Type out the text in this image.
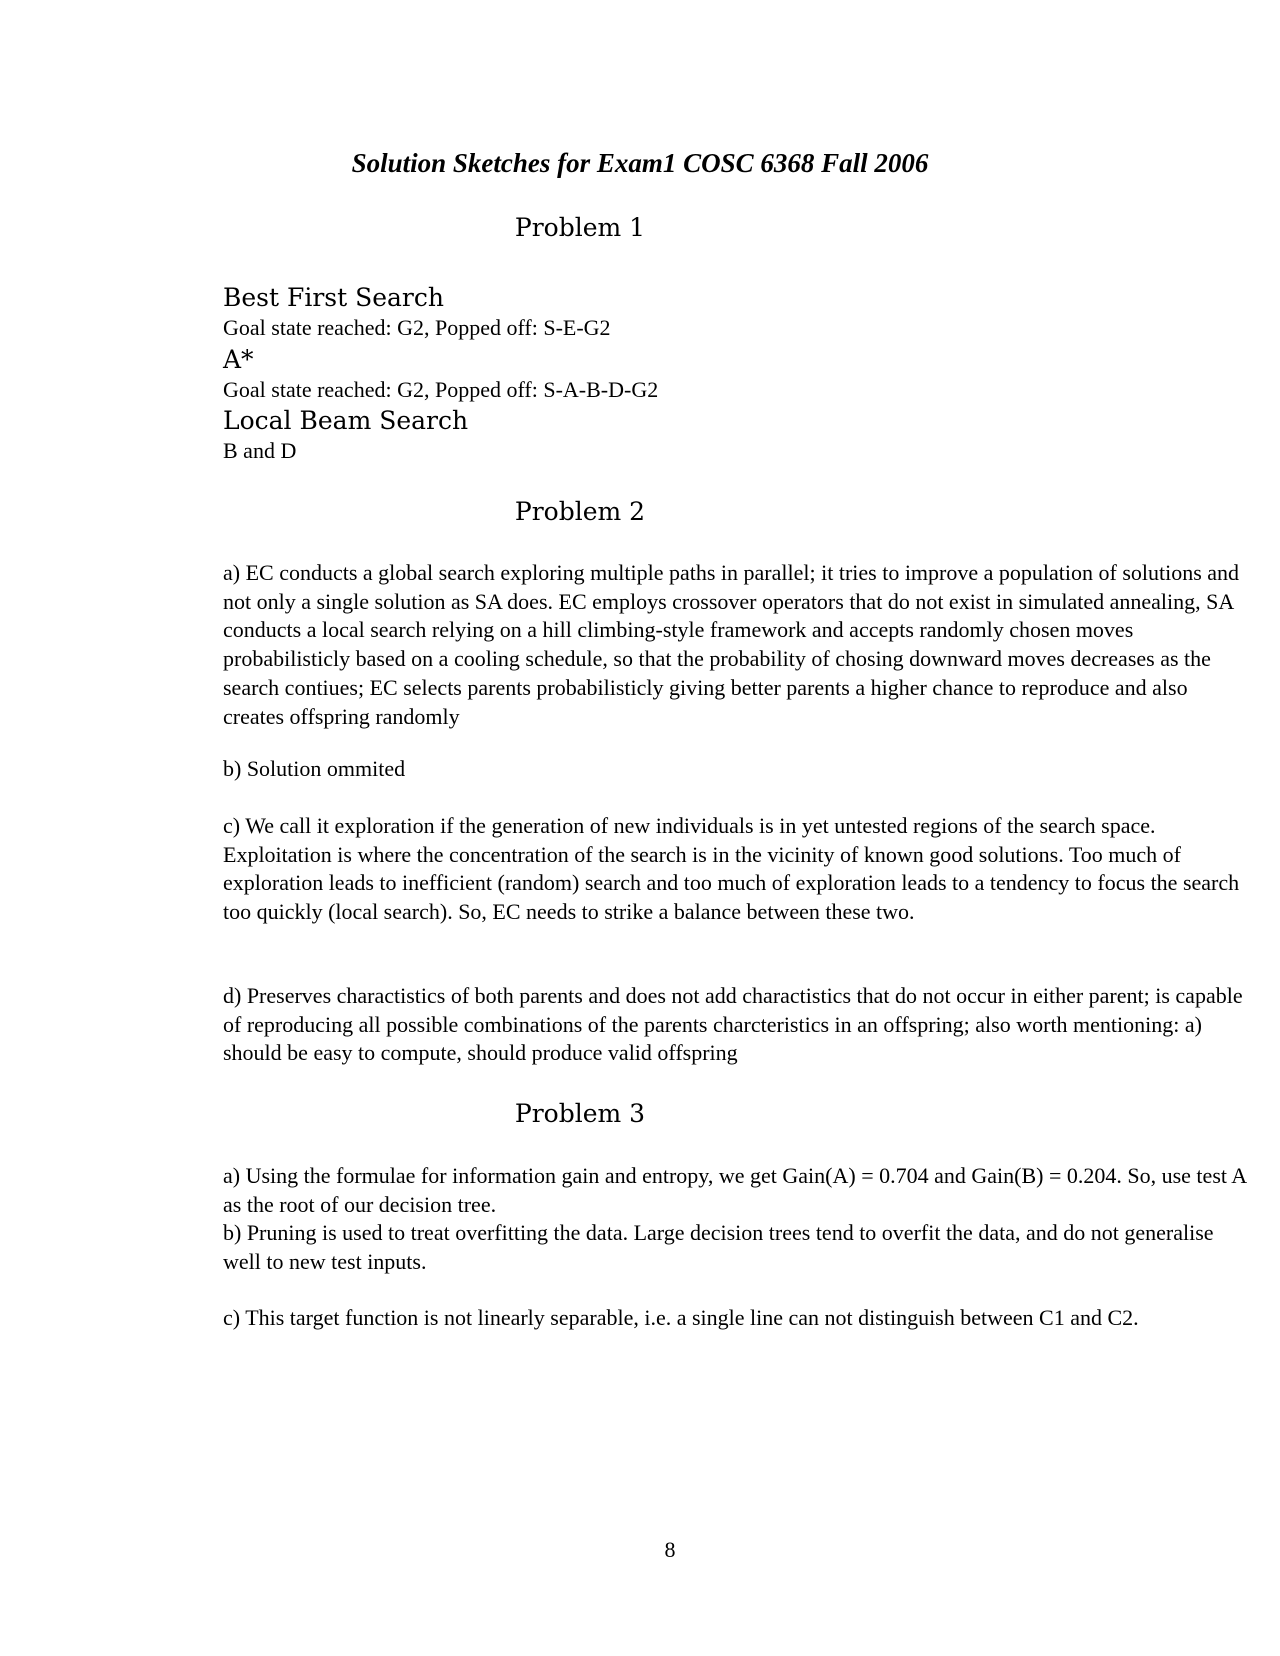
Solution Sketches for Exam1 COSC 6368 Fall 2006
Problem 1
Best First Search
Goal state reached: G2, Popped off: S-E-G2
A*
Goal state reached: G2, Popped off: S-A-B-D-G2
Local Beam Search
B and D
Problem 2
a) EC conducts a global search exploring multiple paths in parallel; it tries to improve a population of solutions and not only a single solution as SA does. EC employs crossover operators that do not exist in simulated annealing, SA conducts a local search relying on a hill climbing-style framework and accepts randomly chosen moves probabilisticly based on a cooling schedule, so that the probability of chosing downward moves decreases as the search contiues; EC selects parents probabilisticly giving better parents a higher chance to reproduce and also creates offspring randomly
b) Solution ommited
c) We call it exploration if the generation of new individuals is in yet untested regions of the search space. Exploitation is where the concentration of the search is in the vicinity of known good solutions. Too much of exploration leads to inefficient (random) search and too much of exploration leads to a tendency to focus the search too quickly (local search). So, EC needs to strike a balance between these two.
d) Preserves charactistics of both parents and does not add charactistics that do not occur in either parent; is capable of reproducing all possible combinations of the parents charcteristics in an offspring; also worth mentioning: a) should be easy to compute, should produce valid offspring
Problem 3
a) Using the formulae for information gain and entropy, we get Gain(A) = 0.704 and Gain(B) = 0.204. So, use test A as the root of our decision tree.
b) Pruning is used to treat overfitting the data. Large decision trees tend to overfit the data, and do not generalise well to new test inputs.
c) This target function is not linearly separable, i.e. a single line can not distinguish between C1 and C2.
8
